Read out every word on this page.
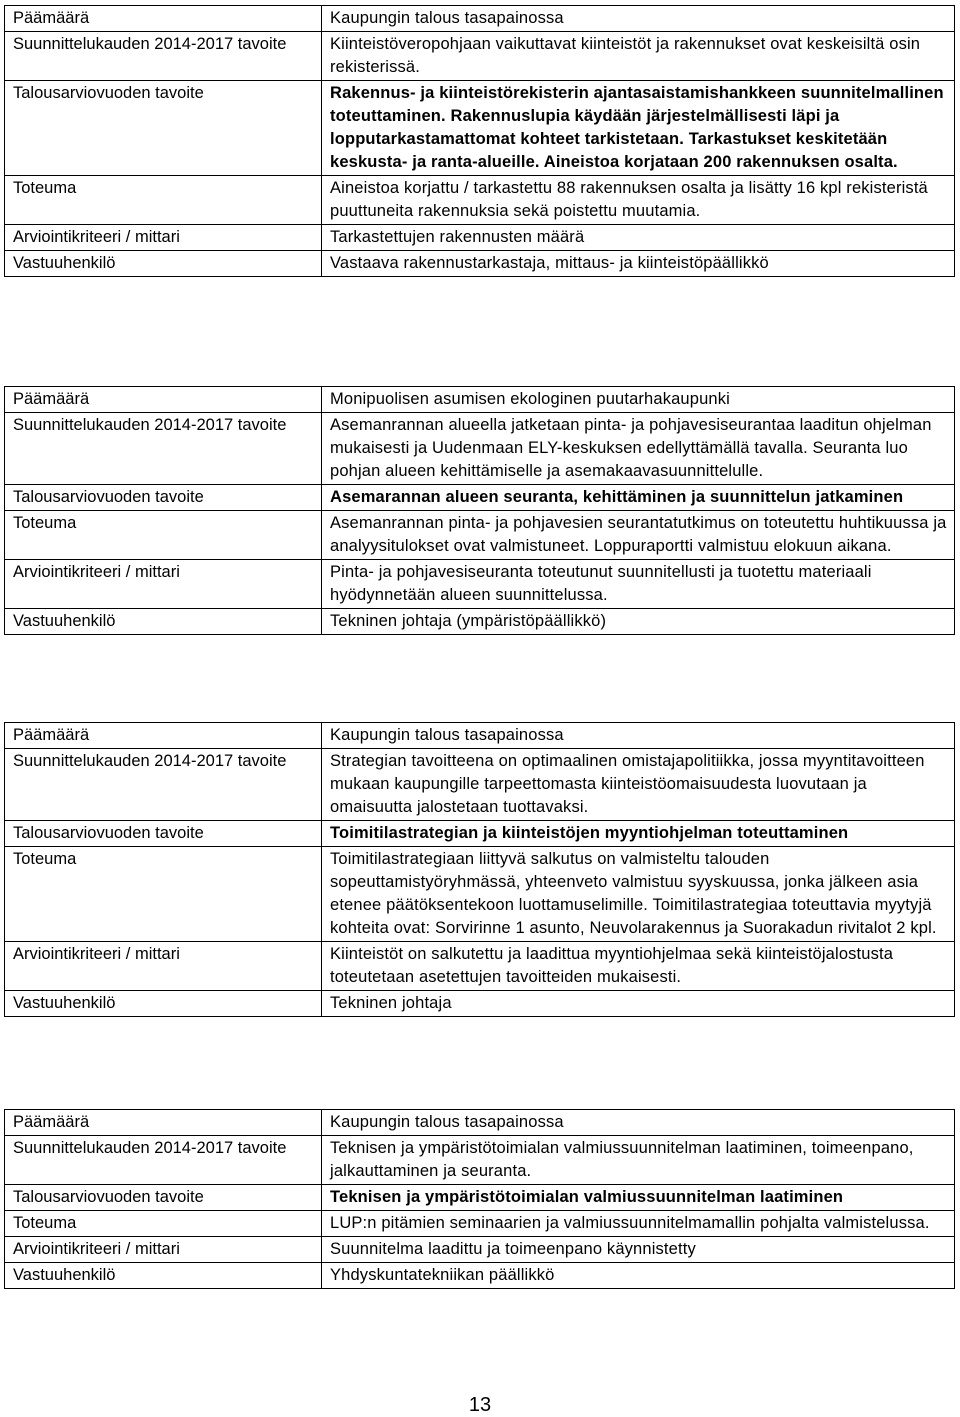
Päämäärä	Kaupungin talous tasapainossa
Suunnittelukauden 2014-2017 tavoite	Kiinteistöveropohjaan vaikuttavat kiinteistöt ja rakennukset ovat keskeisiltä osin rekisterissä.
Talousarviovuoden tavoite	Rakennus- ja kiinteistörekisterin ajantasaistamishankkeen suunnitelmallinen toteuttaminen. Rakennuslupia käydään järjestelmällisesti läpi ja lopputarkastamattomat kohteet tarkistetaan. Tarkastukset keskitetään keskusta- ja ranta-alueille. Aineistoa korjataan 200 rakennuksen osalta.
Toteuma	Aineistoa korjattu / tarkastettu 88 rakennuksen osalta ja lisätty 16 kpl rekisteristä puuttuneita rakennuksia sekä poistettu muutamia.
Arviointikriteeri / mittari	Tarkastettujen rakennusten määrä
Vastuuhenkilö	Vastaava rakennustarkastaja, mittaus- ja kiinteistöpäällikkö
Päämäärä	Monipuolisen asumisen ekologinen puutarhakaupunki
Suunnittelukauden 2014-2017 tavoite	Asemanrannan alueella jatketaan pinta- ja pohjavesiseurantaa laaditun ohjelman mukaisesti ja Uudenmaan ELY-keskuksen edellyttämällä tavalla. Seuranta luo pohjan alueen kehittämiselle ja asemakaavasuunnittelulle.
Talousarviovuoden tavoite	Asemarannan alueen seuranta, kehittäminen ja suunnittelun jatkaminen
Toteuma	Asemanrannan pinta- ja pohjavesien seurantatutkimus on toteutettu huhtikuussa ja analyysitulokset ovat valmistuneet. Loppuraportti valmistuu elokuun aikana.
Arviointikriteeri / mittari	Pinta- ja pohjavesiseuranta toteutunut suunnitellusti ja tuotettu materiaali hyödynnetään alueen suunnittelussa.
Vastuuhenkilö	Tekninen johtaja (ympäristöpäällikkö)
Päämäärä	Kaupungin talous tasapainossa
Suunnittelukauden 2014-2017 tavoite	Strategian tavoitteena on optimaalinen omistajapolitiikka, jossa myyntitavoitteen mukaan kaupungille tarpeettomasta kiinteistöomaisuudesta luovutaan ja omaisuutta jalostetaan tuottavaksi.
Talousarviovuoden tavoite	Toimitilastrategian ja kiinteistöjen myyntiohjelman toteuttaminen
Toteuma	Toimitilastrategiaan liittyvä salkutus on valmisteltu talouden sopeuttamistyöryhmässä, yhteenveto valmistuu syyskuussa, jonka jälkeen asia etenee päätöksentekoon luottamuselimille. Toimitilastrategiaa toteuttavia myytyjä kohteita ovat: Sorvirinne 1 asunto, Neuvolarakennus ja Suorakadun rivitalot 2 kpl.
Arviointikriteeri / mittari	Kiinteistöt on salkutettu ja laadittua myyntiohjelmaa sekä kiinteistöjalostusta toteutetaan asetettujen tavoitteiden mukaisesti.
Vastuuhenkilö	Tekninen johtaja
Päämäärä	Kaupungin talous tasapainossa
Suunnittelukauden 2014-2017 tavoite	Teknisen ja ympäristötoimialan valmiussuunnitelman laatiminen, toimeenpano, jalkauttaminen ja seuranta.
Talousarviovuoden tavoite	Teknisen ja ympäristötoimialan valmiussuunnitelman laatiminen
Toteuma	LUP:n pitämien seminaarien ja valmiussuunnitelmamallin pohjalta valmistelussa.
Arviointikriteeri / mittari	Suunnitelma laadittu ja toimeenpano käynnistetty
Vastuuhenkilö	Yhdyskuntatekniikan päällikkö
13
